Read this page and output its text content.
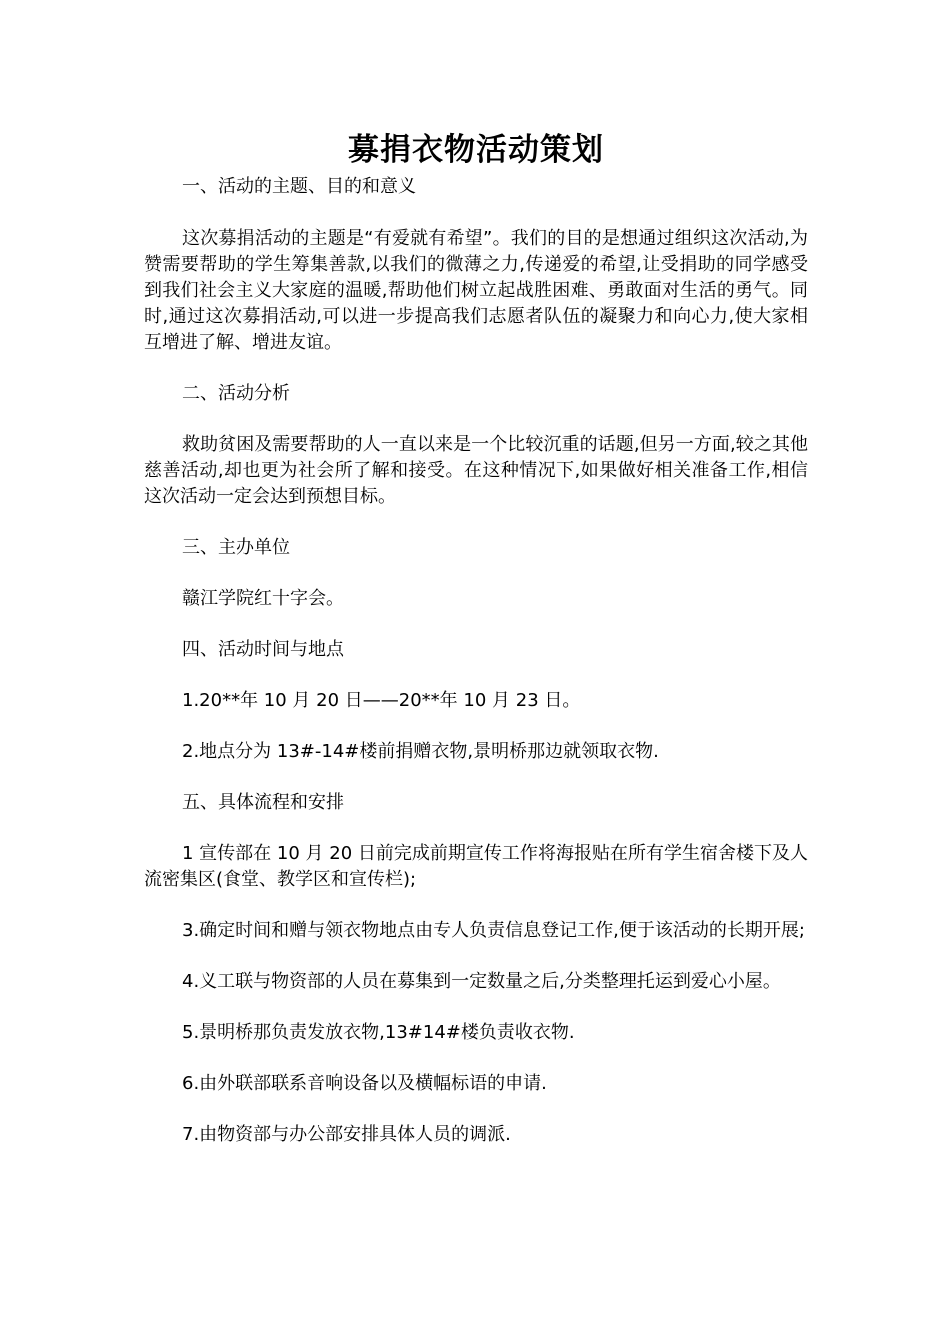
募捐衣物活动策划

一、活动的主题、目的和意义

这次募捐活动的主题是“有爱就有希望”。我们的目的是想通过组织这次活动,为赞需要帮助的学生筹集善款,以我们的微薄之力,传递爱的希望,让受捐助的同学感受到我们社会主义大家庭的温暖,帮助他们树立起战胜困难、勇敢面对生活的勇气。同时,通过这次募捐活动,可以进一步提高我们志愿者队伍的凝聚力和向心力,使大家相互增进了解、增进友谊。

二、活动分析

救助贫困及需要帮助的人一直以来是一个比较沉重的话题,但另一方面,较之其他慈善活动,却也更为社会所了解和接受。在这种情况下,如果做好相关准备工作,相信这次活动一定会达到预想目标。

三、主办单位

赣江学院红十字会。

四、活动时间与地点

1.20**年 10 月 20 日——20**年 10 月 23 日。

2.地点分为 13#-14#楼前捐赠衣物,景明桥那边就领取衣物.

五、具体流程和安排

1 宣传部在 10 月 20 日前完成前期宣传工作将海报贴在所有学生宿舍楼下及人流密集区(食堂、教学区和宣传栏);

3.确定时间和赠与领衣物地点由专人负责信息登记工作,便于该活动的长期开展;

4.义工联与物资部的人员在募集到一定数量之后,分类整理托运到爱心小屋。

5.景明桥那负责发放衣物,13#14#楼负责收衣物.

6.由外联部联系音响设备以及横幅标语的申请.

7.由物资部与办公部安排具体人员的调派.
